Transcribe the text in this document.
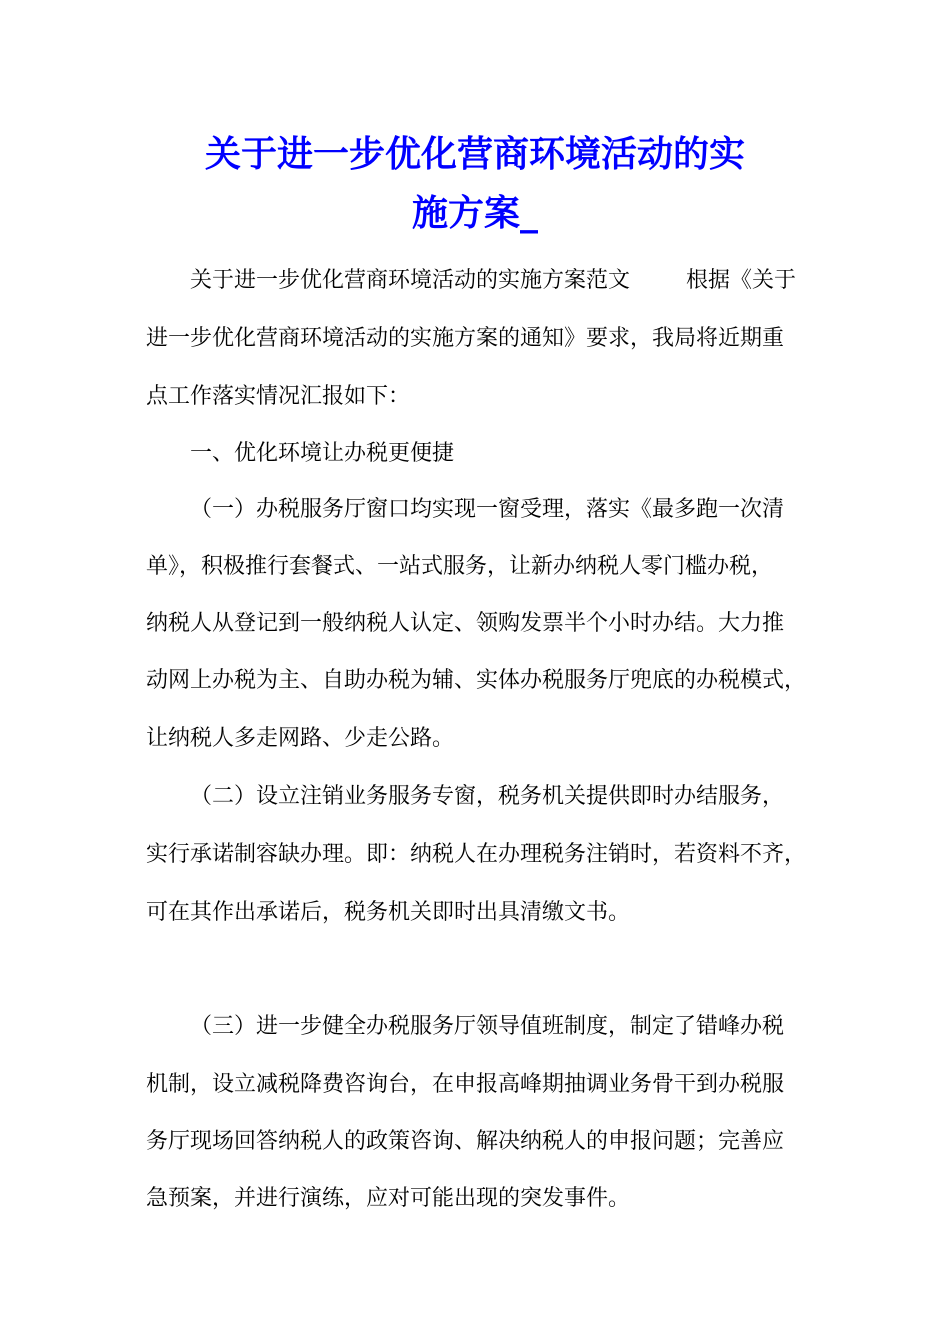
关于进一步优化营商环境活动的实
施方案_
关于进一步优化营商环境活动的实施方案范文        根据《关于
进一步优化营商环境活动的实施方案的通知》要求，我局将近期重
点工作落实情况汇报如下：
一、优化环境让办税更便捷
（一）办税服务厅窗口均实现一窗受理，落实《最多跑一次清
单》，积极推行套餐式、一站式服务，让新办纳税人零门槛办税，
纳税人从登记到一般纳税人认定、领购发票半个小时办结。大力推
动网上办税为主、自助办税为辅、实体办税服务厅兜底的办税模式，
让纳税人多走网路、少走公路。
（二）设立注销业务服务专窗，税务机关提供即时办结服务，
实行承诺制容缺办理。即：纳税人在办理税务注销时，若资料不齐，
可在其作出承诺后，税务机关即时出具清缴文书。
（三）进一步健全办税服务厅领导值班制度，制定了错峰办税
机制，设立减税降费咨询台，在申报高峰期抽调业务骨干到办税服
务厅现场回答纳税人的政策咨询、解决纳税人的申报问题；完善应
急预案，并进行演练，应对可能出现的突发事件。
